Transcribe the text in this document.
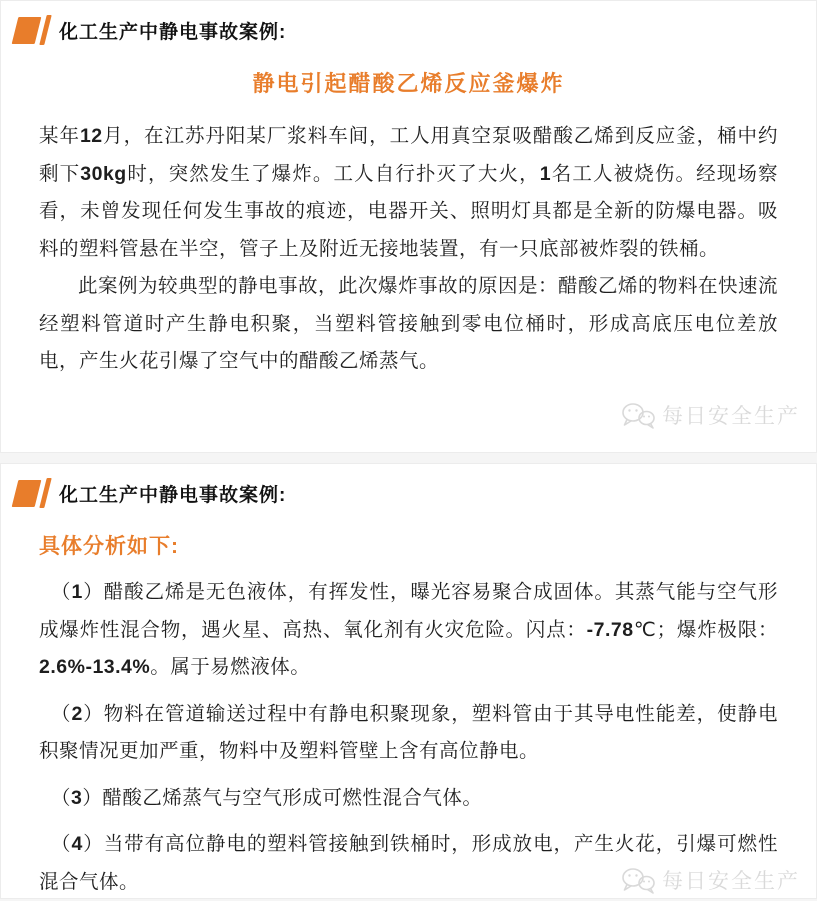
化工生产中静电事故案例:
静电引起醋酸乙烯反应釜爆炸

某年12月，在江苏丹阳某厂浆料车间，工人用真空泵吸醋酸乙烯到反应釜，桶中约剩下30kg时，突然发生了爆炸。工人自行扑灭了大火，1名工人被烧伤。经现场察看，未曾发现任何发生事故的痕迹，电器开关、照明灯具都是全新的防爆电器。吸料的塑料管悬在半空，管子上及附近无接地装置，有一只底部被炸裂的铁桶。

此案例为较典型的静电事故，此次爆炸事故的原因是：醋酸乙烯的物料在快速流经塑料管道时产生静电积聚，当塑料管接触到零电位桶时，形成高底压电位差放电，产生火花引爆了空气中的醋酸乙烯蒸气。

每日安全生产
化工生产中静电事故案例:
具体分析如下:

（1）醋酸乙烯是无色液体，有挥发性，曝光容易聚合成固体。其蒸气能与空气形成爆炸性混合物，遇火星、高热、氧化剂有火灾危险。闪点：-7.78℃；爆炸极限：2.6%-13.4%。属于易燃液体。

（2）物料在管道输送过程中有静电积聚现象，塑料管由于其导电性能差，使静电积聚情况更加严重，物料中及塑料管壁上含有高位静电。

（3）醋酸乙烯蒸气与空气形成可燃性混合气体。

（4）当带有高位静电的塑料管接触到铁桶时，形成放电，产生火花，引爆可燃性混合气体。	每日安全生产
